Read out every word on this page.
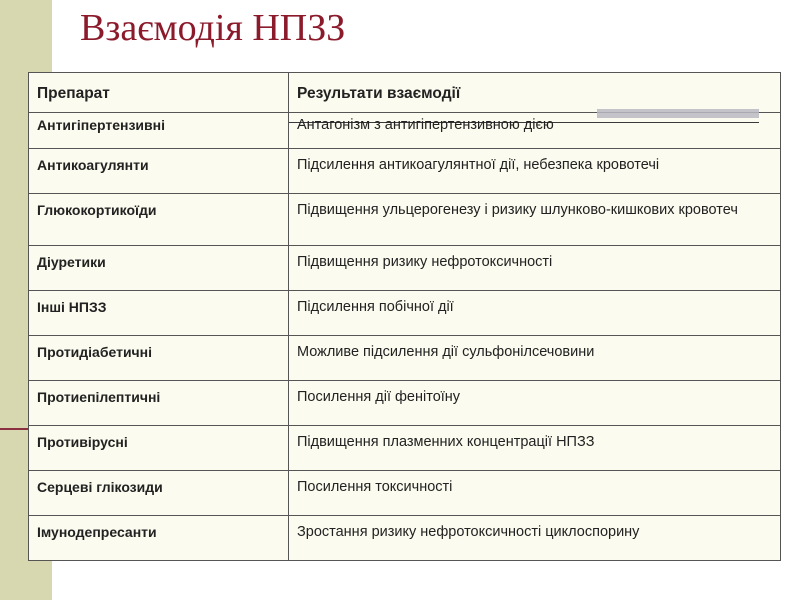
Взаємодія НПЗЗ
Препарат	Результати взаємодії
Антигіпертензивні	Антагонізм з антигіпертензивною дією
Антикоагулянти	Підсилення антикоагулянтної дії, небезпека кровотечі
Глюкокортикоїди	Підвищення ульцерогенезу і ризику шлунково-кишкових кровотеч
Діуретики	Підвищення ризику нефротоксичності
Інші НПЗЗ	Підсилення побічної дії
Протидіабетичні	Можливе підсилення дії сульфонілсечовини
Протиепілептичні	Посилення дії фенітоїну
Противірусні	Підвищення плазменних концентрації НПЗЗ
Серцеві глікозиди	Посилення токсичності
Імунодепресанти	Зростання ризику нефротоксичності циклоспорину
